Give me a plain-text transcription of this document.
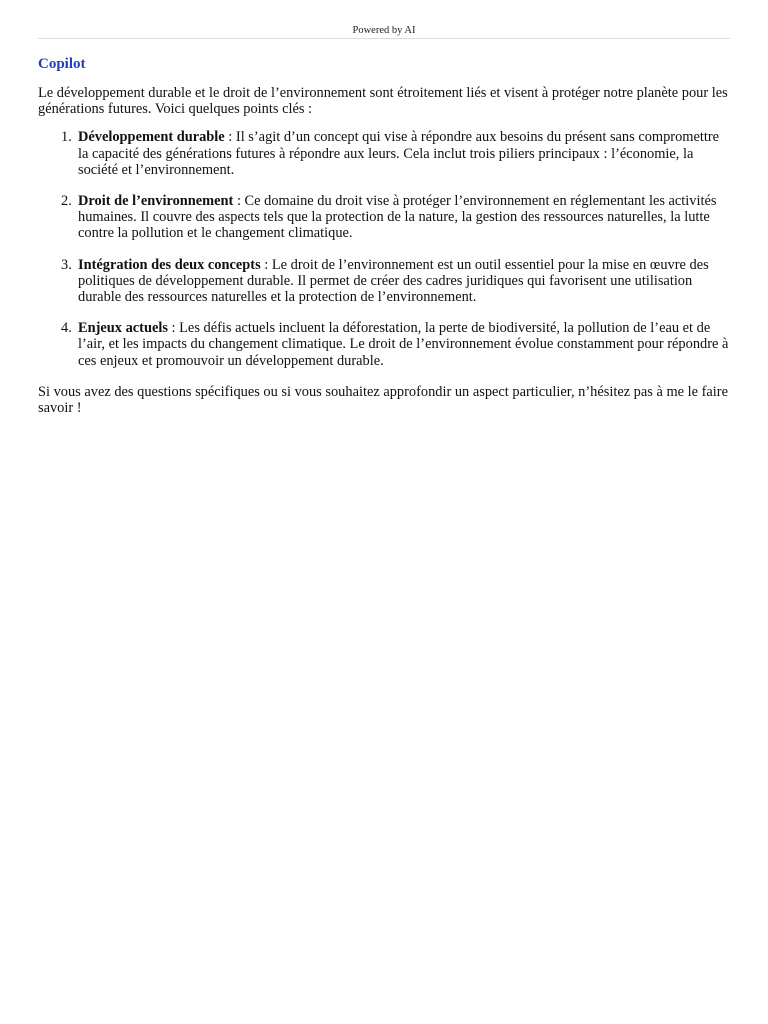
Powered by AI
Copilot
Le développement durable et le droit de l’environnement sont étroitement liés et visent à protéger notre planète pour les générations futures. Voici quelques points clés :
1. Développement durable : Il s’agit d’un concept qui vise à répondre aux besoins du présent sans compromettre la capacité des générations futures à répondre aux leurs. Cela inclut trois piliers principaux : l’économie, la société et l’environnement.
2. Droit de l’environnement : Ce domaine du droit vise à protéger l’environnement en réglementant les activités humaines. Il couvre des aspects tels que la protection de la nature, la gestion des ressources naturelles, la lutte contre la pollution et le changement climatique.
3. Intégration des deux concepts : Le droit de l’environnement est un outil essentiel pour la mise en œuvre des politiques de développement durable. Il permet de créer des cadres juridiques qui favorisent une utilisation durable des ressources naturelles et la protection de l’environnement.
4. Enjeux actuels : Les défis actuels incluent la déforestation, la perte de biodiversité, la pollution de l’eau et de l’air, et les impacts du changement climatique. Le droit de l’environnement évolue constamment pour répondre à ces enjeux et promouvoir un développement durable.
Si vous avez des questions spécifiques ou si vous souhaitez approfondir un aspect particulier, n’hésitez pas à me le faire savoir !
